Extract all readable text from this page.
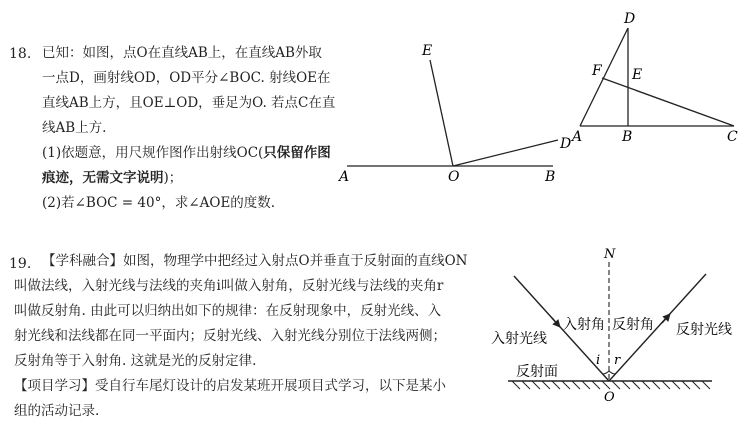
18. 已知：如图，点O在直线AB上，在直线AB外取
一点D，画射线OD，OD平分∠BOC. 射线OE在
直线AB上方，且OE⊥OD，垂足为O. 若点C在直
线AB上方.
(1)依题意，用尺规作图作出射线OC(只保留作图
痕迹，无需文字说明)；
(2)若∠BOC = 40°，求∠AOE的度数.
E
D
A	O	B
D
F E
A	B	C
19. 【学科融合】如图，物理学中把经过入射点O并垂直于反射面的直线ON
叫做法线，入射光线与法线的夹角i叫做入射角，反射光线与法线的夹角r
叫做反射角. 由此可以归纳出如下的规律：在反射现象中，反射光线、入
射光线和法线都在同一平面内；反射光线、入射光线分别位于法线两侧；
反射角等于入射角. 这就是光的反射定律.
【项目学习】受自行车尾灯设计的启发某班开展项目式学习，以下是某小
组的活动记录.
N
入射角 反射角
入射光线
反射光线
反射面
i r
O
